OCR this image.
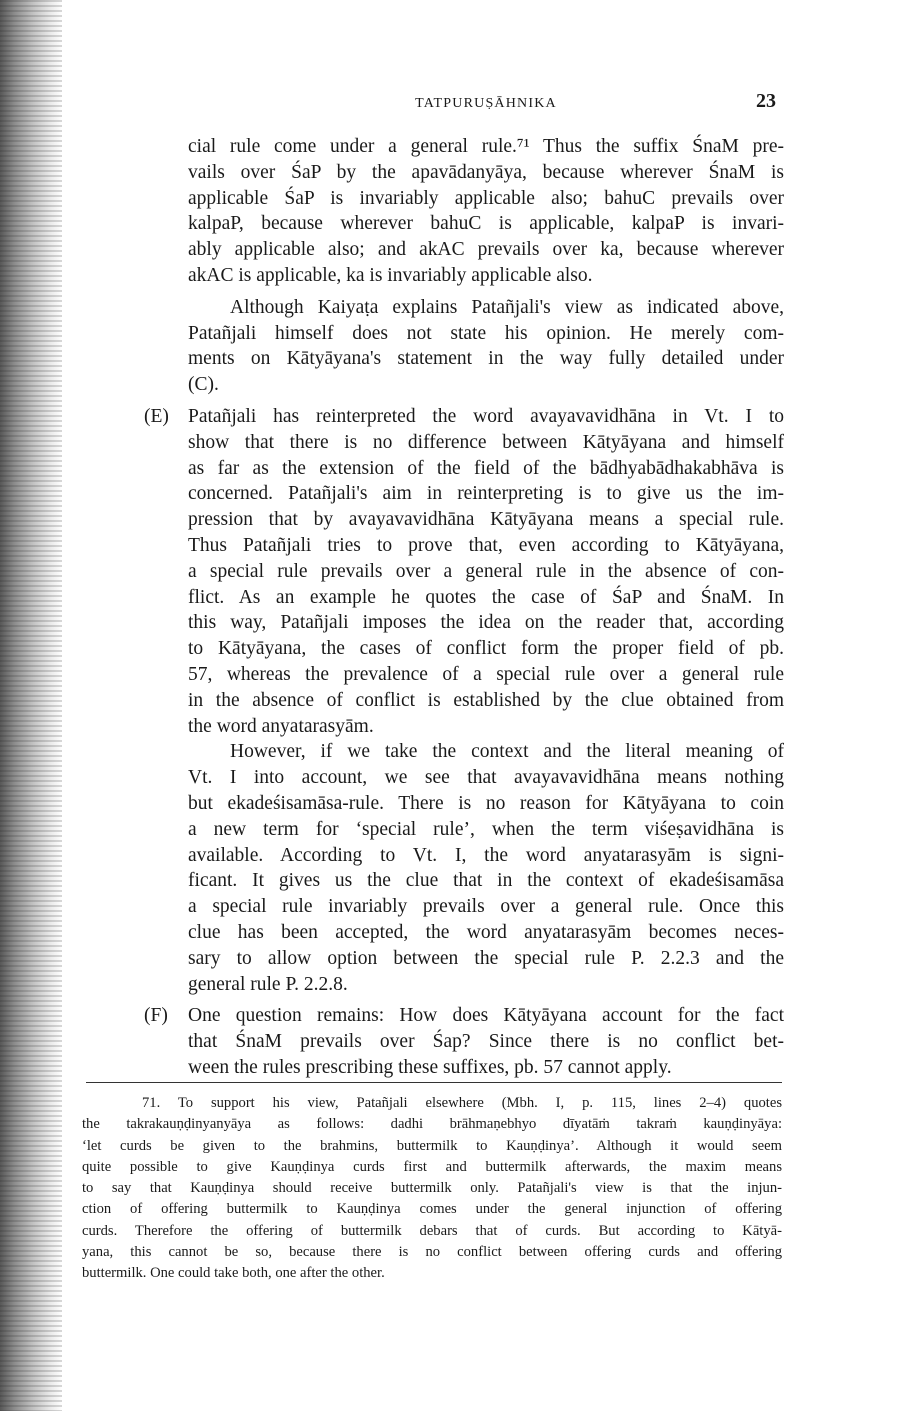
TATPURUṢĀHNIKA	23
cial rule come under a general rule.⁷¹ Thus the suffix ŚnaM pre-
vails over ŚaP by the apavādanyāya, because wherever ŚnaM is
applicable ŚaP is invariably applicable also; bahuC prevails over
kalpaP, because wherever bahuC is applicable, kalpaP is invari-
ably applicable also; and akAC prevails over ka, because wherever
akAC is applicable, ka is invariably applicable also.
Although Kaiyaṭa explains Patañjali's view as indicated above,
Patañjali himself does not state his opinion. He merely com-
ments on Kātyāyana's statement in the way fully detailed under
(C).
(E) Patañjali has reinterpreted the word avayavavidhāna in Vt. I to
show that there is no difference between Kātyāyana and himself
as far as the extension of the field of the bādhyabādhakabhāva is
concerned. Patañjali's aim in reinterpreting is to give us the im-
pression that by avayavavidhāna Kātyāyana means a special rule.
Thus Patañjali tries to prove that, even according to Kātyāyana,
a special rule prevails over a general rule in the absence of con-
flict. As an example he quotes the case of ŚaP and ŚnaM. In
this way, Patañjali imposes the idea on the reader that, according
to Kātyāyana, the cases of conflict form the proper field of pb.
57, whereas the prevalence of a special rule over a general rule
in the absence of conflict is established by the clue obtained from
the word anyatarasyām.
However, if we take the context and the literal meaning of
Vt. I into account, we see that avayavavidhāna means nothing
but ekadeśisamāsa-rule. There is no reason for Kātyāyana to coin
a new term for ‘special rule’, when the term viśeṣavidhāna is
available. According to Vt. I, the word anyatarasyām is signi-
ficant. It gives us the clue that in the context of ekadeśisamāsa
a special rule invariably prevails over a general rule. Once this
clue has been accepted, the word anyatarasyām becomes neces-
sary to allow option between the special rule P. 2.2.3 and the
general rule P. 2.2.8.
(F) One question remains: How does Kātyāyana account for the fact
that ŚnaM prevails over Śap? Since there is no conflict bet-
ween the rules prescribing these suffixes, pb. 57 cannot apply.
71. To support his view, Patañjali elsewhere (Mbh. I, p. 115, lines 2–4) quotes
the takrakauṇḍinyanyāya as follows: dadhi brāhmaṇebhyo dīyatāṁ takraṁ kauṇḍinyāya:
‘let curds be given to the brahmins, buttermilk to Kauṇḍinya’. Although it would seem
quite possible to give Kauṇḍinya curds first and buttermilk afterwards, the maxim means
to say that Kauṇḍinya should receive buttermilk only. Patañjali's view is that the injun-
ction of offering buttermilk to Kauṇḍinya comes under the general injunction of offering
curds. Therefore the offering of buttermilk debars that of curds. But according to Kātyā-
yana, this cannot be so, because there is no conflict between offering curds and offering
buttermilk. One could take both, one after the other.
